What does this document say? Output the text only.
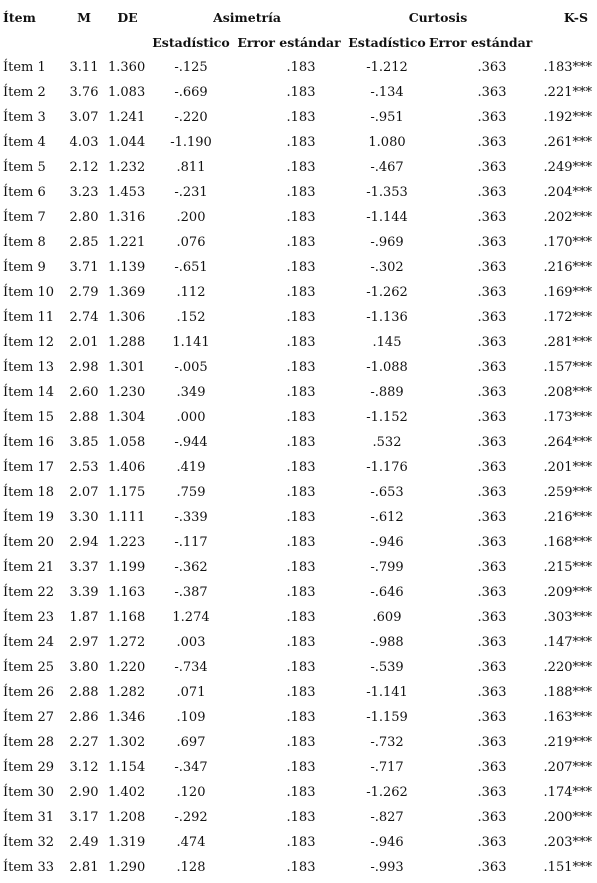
Ítem	M	DE	Asimetría		Curtosis		K-S
			Estadístico	Error estándar	Estadístico	Error estándar	
Ítem 1	3.11	1.360	-.125	.183	-1.212	.363	.183***
Ítem 2	3.76	1.083	-.669	.183	-.134	.363	.221***
Ítem 3	3.07	1.241	-.220	.183	-.951	.363	.192***
Ítem 4	4.03	1.044	-1.190	.183	1.080	.363	.261***
Ítem 5	2.12	1.232	.811	.183	-.467	.363	.249***
Ítem 6	3.23	1.453	-.231	.183	-1.353	.363	.204***
Ítem 7	2.80	1.316	.200	.183	-1.144	.363	.202***
Ítem 8	2.85	1.221	.076	.183	-.969	.363	.170***
Ítem 9	3.71	1.139	-.651	.183	-.302	.363	.216***
Ítem 10	2.79	1.369	.112	.183	-1.262	.363	.169***
Ítem 11	2.74	1.306	.152	.183	-1.136	.363	.172***
Ítem 12	2.01	1.288	1.141	.183	.145	.363	.281***
Ítem 13	2.98	1.301	-.005	.183	-1.088	.363	.157***
Ítem 14	2.60	1.230	.349	.183	-.889	.363	.208***
Ítem 15	2.88	1.304	.000	.183	-1.152	.363	.173***
Ítem 16	3.85	1.058	-.944	.183	.532	.363	.264***
Ítem 17	2.53	1.406	.419	.183	-1.176	.363	.201***
Ítem 18	2.07	1.175	.759	.183	-.653	.363	.259***
Ítem 19	3.30	1.111	-.339	.183	-.612	.363	.216***
Ítem 20	2.94	1.223	-.117	.183	-.946	.363	.168***
Ítem 21	3.37	1.199	-.362	.183	-.799	.363	.215***
Ítem 22	3.39	1.163	-.387	.183	-.646	.363	.209***
Ítem 23	1.87	1.168	1.274	.183	.609	.363	.303***
Ítem 24	2.97	1.272	.003	.183	-.988	.363	.147***
Ítem 25	3.80	1.220	-.734	.183	-.539	.363	.220***
Ítem 26	2.88	1.282	.071	.183	-1.141	.363	.188***
Ítem 27	2.86	1.346	.109	.183	-1.159	.363	.163***
Ítem 28	2.27	1.302	.697	.183	-.732	.363	.219***
Ítem 29	3.12	1.154	-.347	.183	-.717	.363	.207***
Ítem 30	2.90	1.402	.120	.183	-1.262	.363	.174***
Ítem 31	3.17	1.208	-.292	.183	-.827	.363	.200***
Ítem 32	2.49	1.319	.474	.183	-.946	.363	.203***
Ítem 33	2.81	1.290	.128	.183	-.993	.363	.151***
